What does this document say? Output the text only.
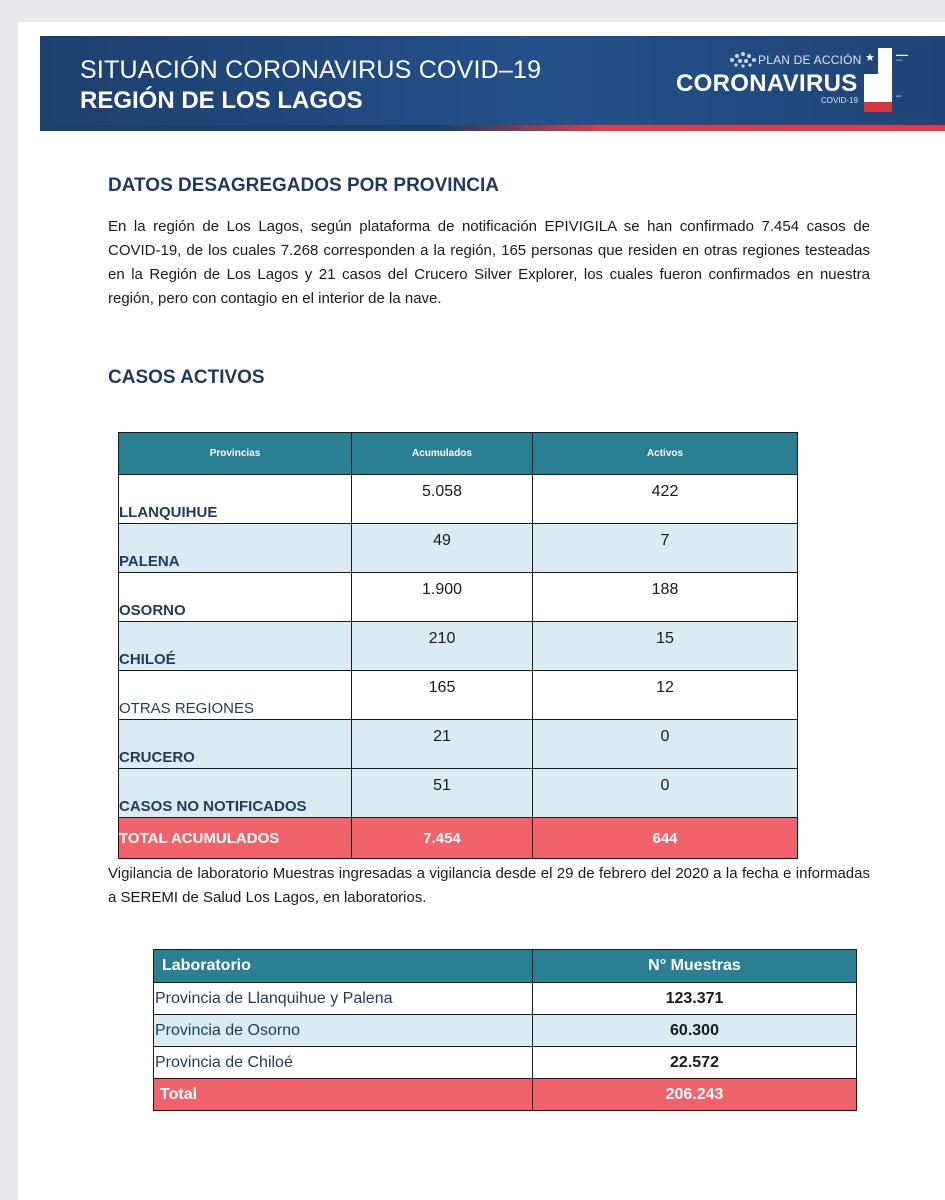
SITUACIÓN CORONAVIRUS COVID–19
REGIÓN DE LOS LAGOS
PLAN DE ACCIÓN
CORONAVIRUS
COVID-19
★	▬▬▬
▪▪▪▪▪▪
▪▪▪▪▪
DATOS DESAGREGADOS POR PROVINCIA
En la región de Los Lagos, según plataforma de notificación EPIVIGILA se han confirmado 7.454 casos de COVID-19, de los cuales 7.268 corresponden a la región, 165 personas que residen en otras regiones testeadas en la Región de Los Lagos y 21 casos del Crucero Silver Explorer, los cuales fueron confirmados en nuestra región, pero con contagio en el interior de la nave.
CASOS ACTIVOS
Provincias	Acumulados	Activos
LLANQUIHUE	5.058	422
PALENA	49	7
OSORNO	1.900	188
CHILOÉ	210	15
OTRAS REGIONES	165	12
CRUCERO	21	0
CASOS NO NOTIFICADOS	51	0
TOTAL ACUMULADOS	7.454	644
Vigilancia de laboratorio Muestras ingresadas a vigilancia desde el 29 de febrero del 2020 a la fecha e informadas a SEREMI de Salud Los Lagos, en laboratorios.
Laboratorio	N° Muestras
Provincia de Llanquihue y Palena	123.371
Provincia de Osorno	60.300
Provincia de Chiloé	22.572
Total	206.243
